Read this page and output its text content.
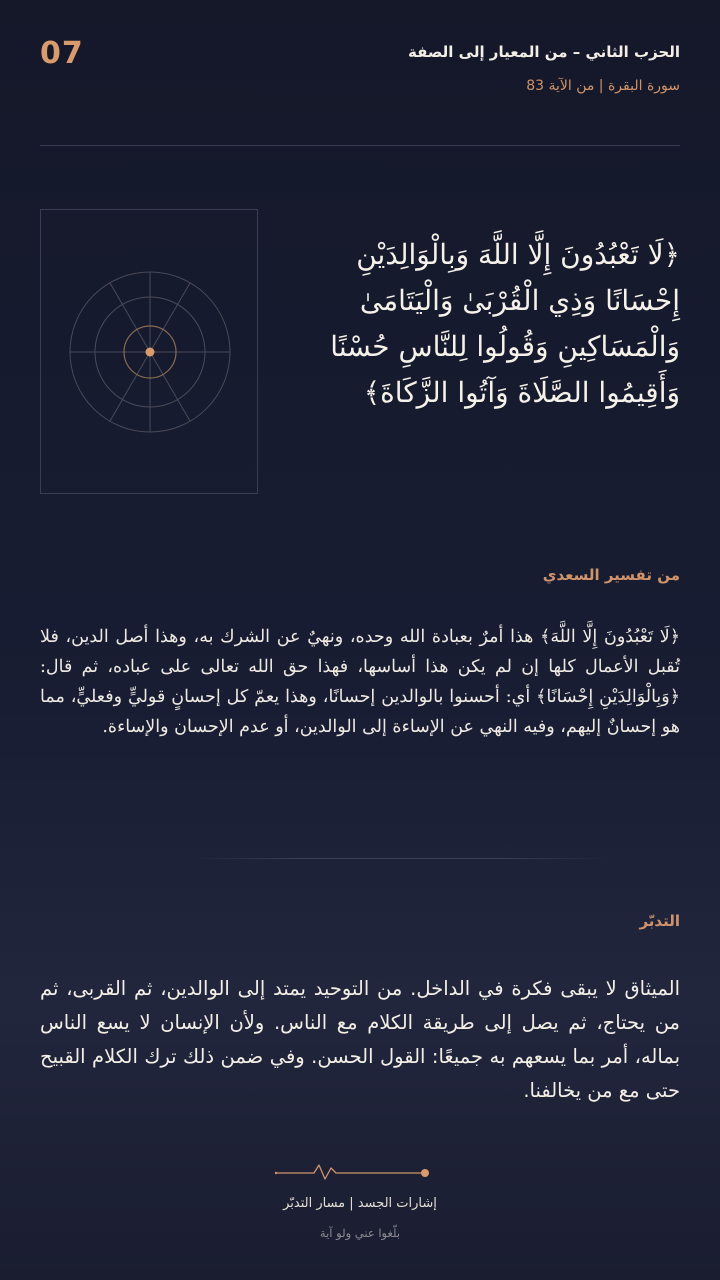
07	الحزب الثاني – من المعيار إلى الصفة
سورة البقرة | من الآية 83
﴿لَا تَعْبُدُونَ إِلَّا اللَّهَ وَبِالْوَالِدَيْنِ
إِحْسَانًا وَذِي الْقُرْبَىٰ وَالْيَتَامَىٰ
وَالْمَسَاكِينِ وَقُولُوا لِلنَّاسِ حُسْنًا
وَأَقِيمُوا الصَّلَاةَ وَآتُوا الزَّكَاةَ﴾
من تفسير السعدي
﴿لَا تَعْبُدُونَ إِلَّا اللَّهَ﴾ هذا أمرٌ بعبادة الله وحده، ونهيٌ عن الشرك به، وهذا أصل الدين، فلا تُقبل الأعمال كلها إن لم يكن هذا أساسها، فهذا حق الله تعالى على عباده، ثم قال: ﴿وَبِالْوَالِدَيْنِ إِحْسَانًا﴾ أي: أحسنوا بالوالدين إحسانًا، وهذا يعمّ كل إحسانٍ قوليٍّ وفعليٍّ، مما هو إحسانٌ إليهم، وفيه النهي عن الإساءة إلى الوالدين، أو عدم الإحسان والإساءة.
التدبّر
الميثاق لا يبقى فكرة في الداخل. من التوحيد يمتد إلى الوالدين، ثم القربى، ثم من يحتاج، ثم يصل إلى طريقة الكلام مع الناس. ولأن الإنسان لا يسع الناس بماله، أمر بما يسعهم به جميعًا: القول الحسن. وفي ضمن ذلك ترك الكلام القبيح حتى مع من يخالفنا.
إشارات الجسد | مسار التدبّر
بلّغوا عني ولو آية
